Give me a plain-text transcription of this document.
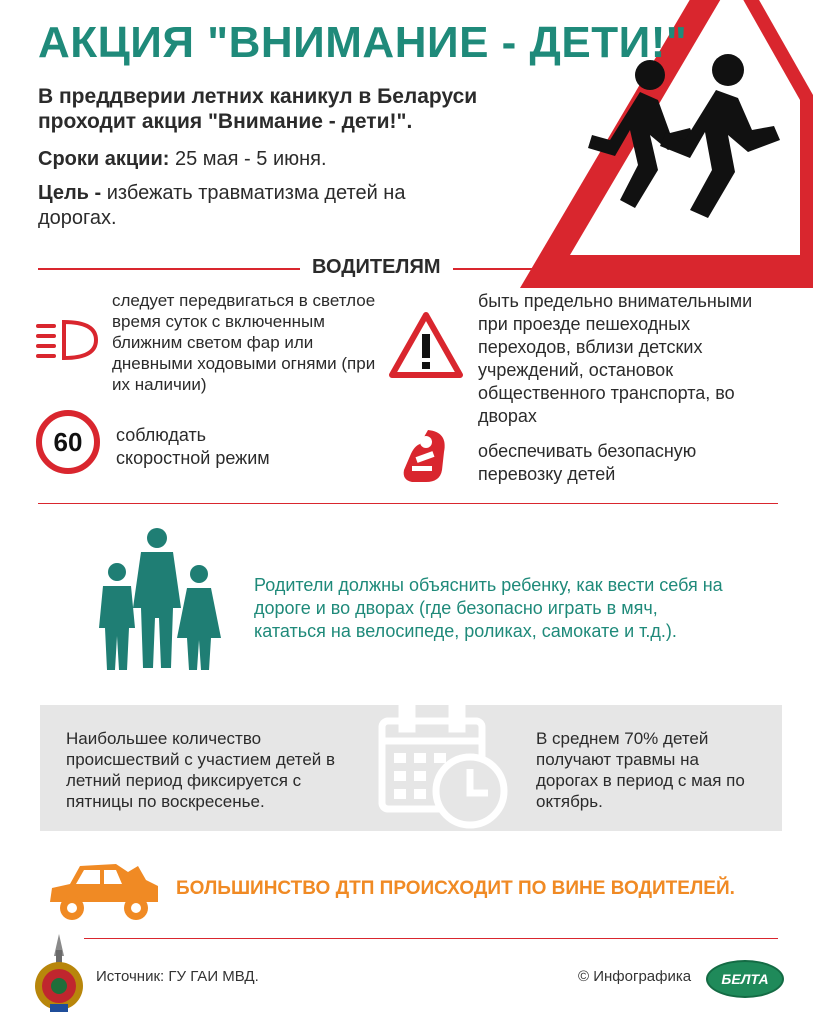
АКЦИЯ "ВНИМАНИЕ - ДЕТИ!"
В преддверии летних каникул в Беларуси проходит акция "Внимание - дети!".
Сроки акции: 25 мая - 5 июня.
Цель - избежать травматизма детей на дорогах.
ВОДИТЕЛЯМ
следует передвигаться в светлое время суток с включенным ближним светом фар или дневными ходовыми огнями (при их наличии)
60	соблюдать скоростной режим
быть предельно внимательными при проезде пешеходных переходов, вблизи детских учреждений, остановок общественного транспорта, во дворах
обеспечивать безопасную перевозку детей
Родители должны объяснить ребенку, как вести себя на дороге и во дворах (где безопасно играть в мяч, кататься на велосипеде, роликах, самокате и т.д.).
Наибольшее количество происшествий с участием детей в летний период фиксируется с пятницы по воскресенье.
В среднем 70% детей получают травмы на дорогах в период с мая по октябрь.
БОЛЬШИНСТВО ДТП ПРОИСХОДИТ ПО ВИНЕ ВОДИТЕЛЕЙ.
Источник: ГУ ГАИ МВД.	© Инфографика	БЕЛТА
